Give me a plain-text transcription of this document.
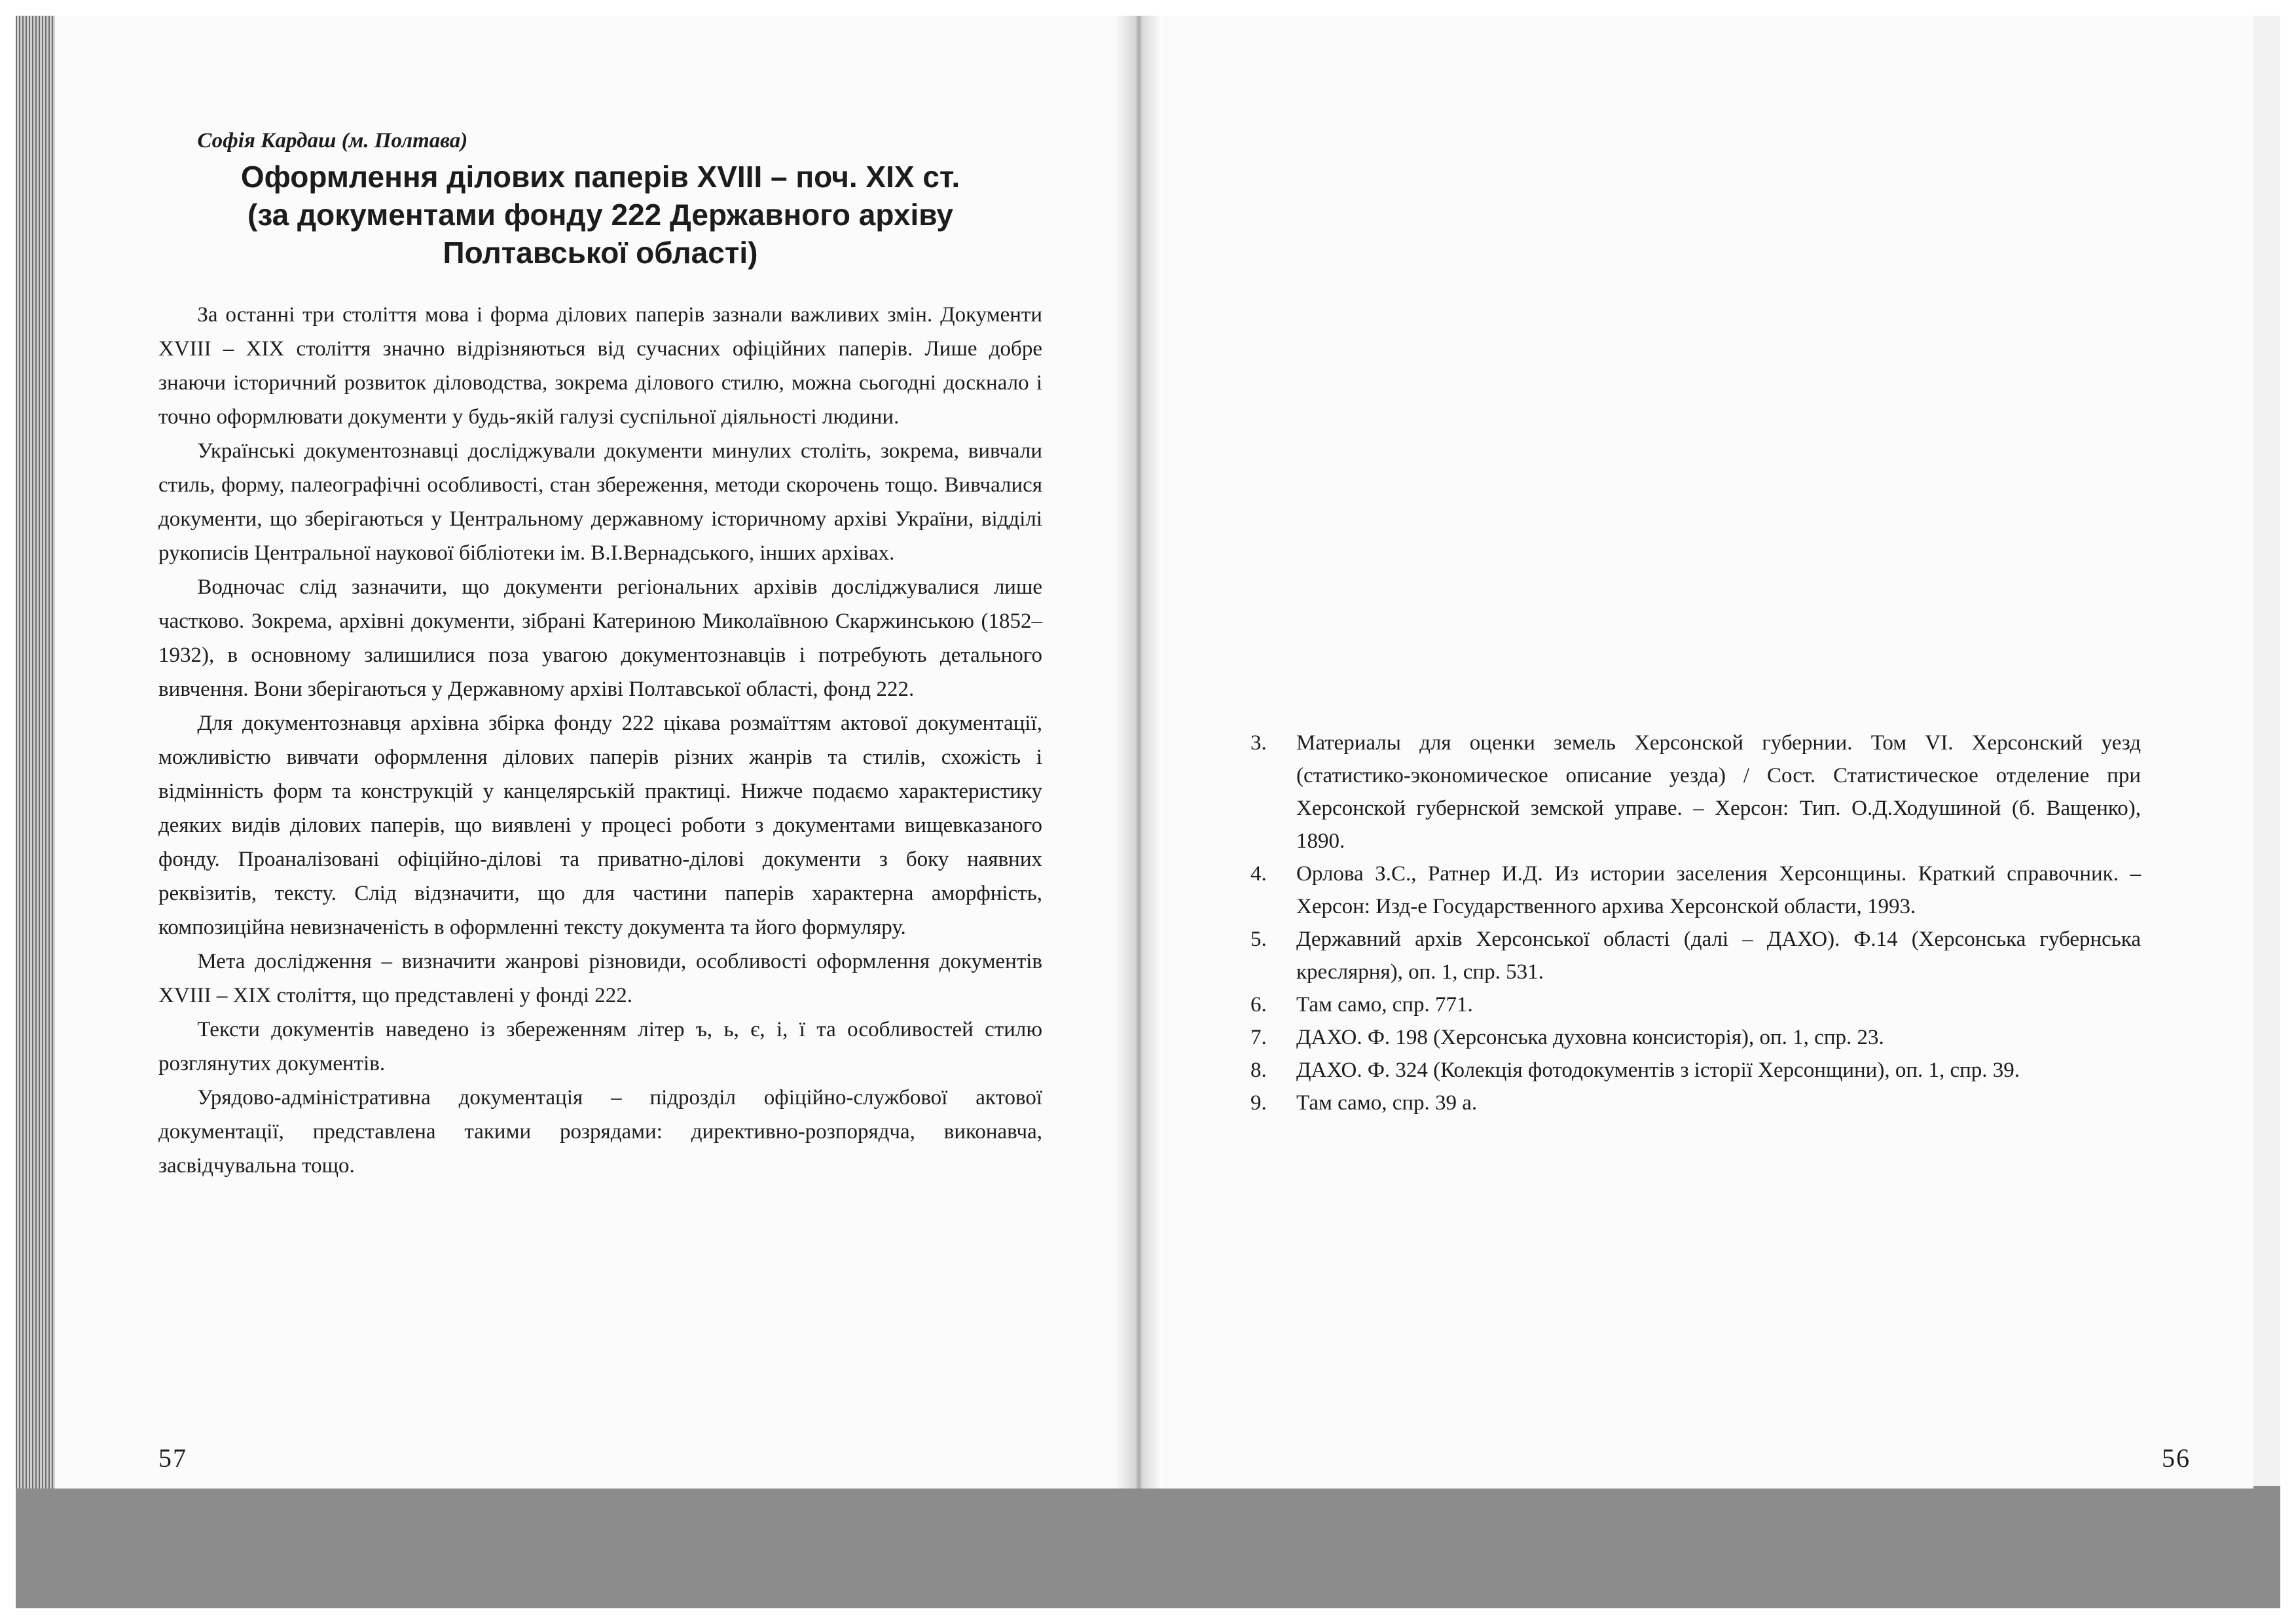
Софія Кардаш (м. Полтава)

Оформлення ділових паперів XVIII – поч. XIX ст.
(за документами фонду 222 Державного архіву
Полтавської області)

За останні три століття мова і форма ділових паперів зазнали важливих змін. Документи XVIII – XIX століття значно відрізняються від сучасних офіційних паперів. Лише добре знаючи історичний розвиток діловодства, зокрема ділового стилю, можна сьогодні доскнало і точно оформлювати документи у будь-якій галузі суспільної діяльності людини.

Українські документознавці досліджували документи минулих століть, зокрема, вивчали стиль, форму, палеографічні особливості, стан збереження, методи скорочень тощо. Вивчалися документи, що зберігаються у Центральному державному історичному архіві України, відділі рукописів Центральної наукової бібліотеки ім. В.І.Вернадського, інших архівах.

Водночас слід зазначити, що документи регіональних архівів досліджувалися лише частково. Зокрема, архівні документи, зібрані Катериною Миколаївною Скаржинською (1852–1932), в основному залишилися поза увагою документознавців і потребують детального вивчення. Вони зберігаються у Державному архіві Полтавської області, фонд 222.

Для документознавця архівна збірка фонду 222 цікава розмаїттям актової документації, можливістю вивчати оформлення ділових паперів різних жанрів та стилів, схожість і відмінність форм та конструкцій у канцелярській практиці. Нижче подаємо характеристику деяких видів ділових паперів, що виявлені у процесі роботи з документами вищевказаного фонду. Проаналізовані офіційно-ділові та приватно-ділові документи з боку наявних реквізитів, тексту. Слід відзначити, що для частини паперів характерна аморфність, композиційна невизначеність в оформленні тексту документа та його формуляру.

Мета дослідження – визначити жанрові різновиди, особливості оформлення документів XVIII – XIX століття, що представлені у фонді 222.

Тексти документів наведено із збереженням літер ъ, ь, є, і, ї та особливостей стилю розглянутих документів.

Урядово-адміністративна документація – підрозділ офіційно-службової актової документації, представлена такими розрядами: директивно-розпорядча, виконавча, засвідчувальна тощо.

57	56
3.	Материалы для оценки земель Херсонской губернии. Том VI. Херсонский уезд (статистико-экономическое описание уезда) / Сост. Статистическое отделение при Херсонской губернской земской управе. – Херсон: Тип. О.Д.Ходушиной (б. Ващенко), 1890.
4.	Орлова З.С., Ратнер И.Д. Из истории заселения Херсонщины. Краткий справочник. – Херсон: Изд-е Государственного архива Херсонской области, 1993.
5.	Державний архів Херсонської області (далі – ДАХО). Ф.14 (Херсонська губернська креслярня), оп. 1, спр. 531.
6.	Там само, спр. 771.
7.	ДАХО. Ф. 198 (Херсонська духовна консисторія), оп. 1, спр. 23.
8.	ДАХО. Ф. 324 (Колекція фотодокументів з історії Херсонщини), оп. 1, спр. 39.
9.	Там само, спр. 39 а.
